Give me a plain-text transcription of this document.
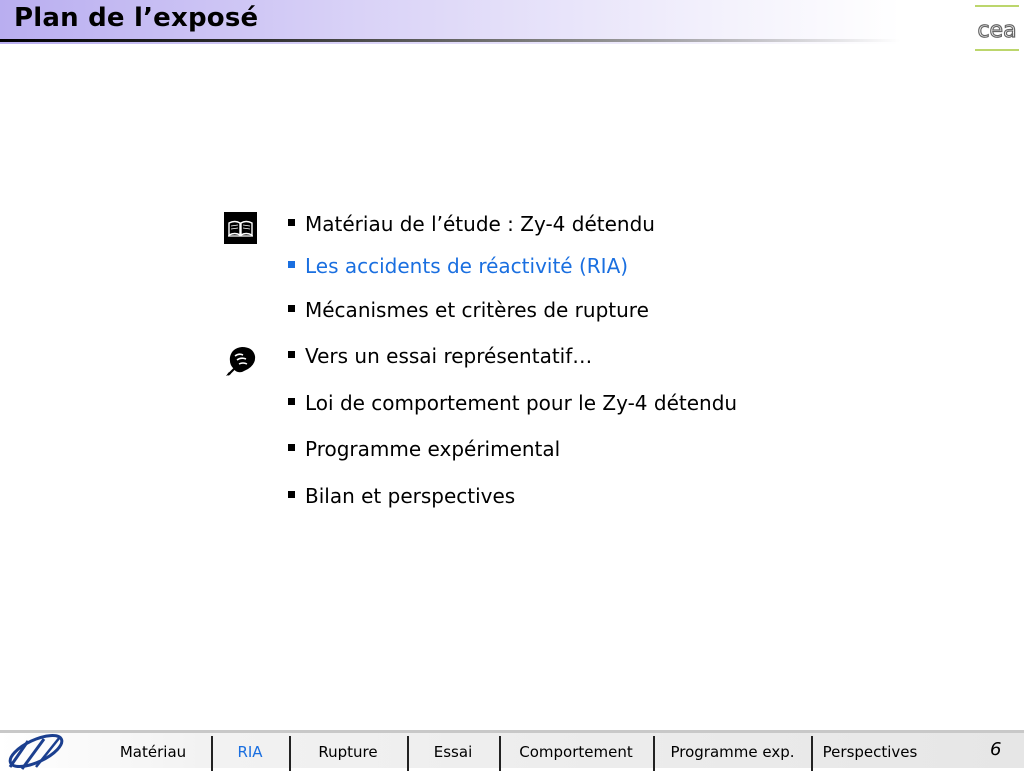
Plan de l’exposé	cea
Matériau de l’étude : Zy-4 détendu
Les accidents de réactivité (RIA)
Mécanismes et critères de rupture
Vers un essai représentatif…
Loi de comportement pour le Zy-4 détendu
Programme expérimental
Bilan et perspectives
Matériau	RIA	Rupture	Essai	Comportement	Programme exp.	Perspectives	6
